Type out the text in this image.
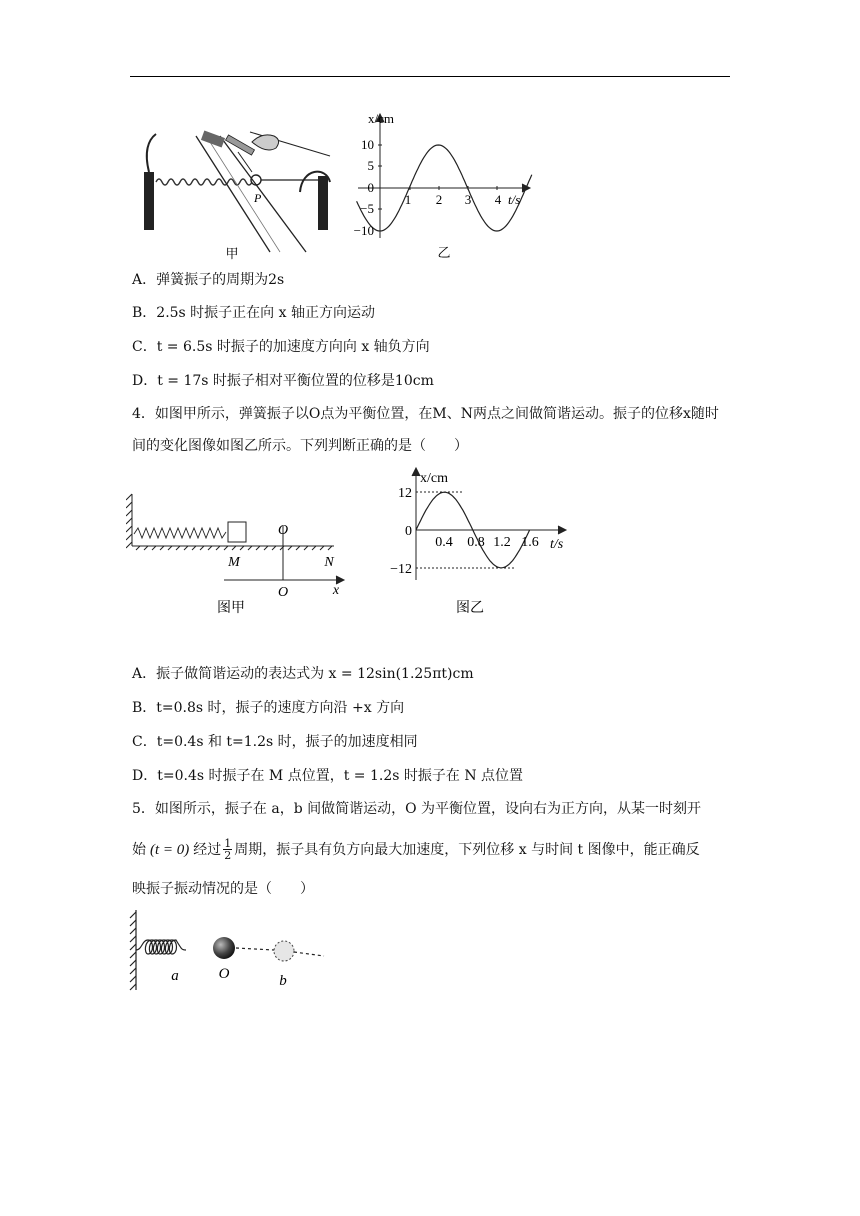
P
甲
x/cm
t/s
10
5
0
−5
−10
1 2 3 4
乙
A．弹簧振子的周期为2s
B．2.5s 时振子正在向 x 轴正方向运动
C．t = 6.5s 时振子的加速度方向向 x 轴负方向
D．t = 17s 时振子相对平衡位置的位移是10cm
4．如图甲所示，弹簧振子以O点为平衡位置，在M、N两点之间做简谐运动。振子的位移x随时间的变化图像如图乙所示。下列判断正确的是（　　）
O
M	N
O	x
图甲
x/cm
t/s
12
0
−12
0.4 0.8 1.2 1.6
图乙
A．振子做简谐运动的表达式为 x = 12sin(1.25πt)cm
B．t=0.8s 时，振子的速度方向沿 +x 方向
C．t=0.4s 和 t=1.2s 时，振子的加速度相同
D．t=0.4s 时振子在 M 点位置，t = 1.2s 时振子在 N 点位置
5．如图所示，振子在 a，b 间做简谐运动，O 为平衡位置，设向右为正方向，从某一时刻开
始 (t = 0) 经过 $\frac{1}{2}$ 周期，振子具有负方向最大加速度，下列位移 x 与时间 t 图像中，能正确反
映振子振动情况的是（　　）
a	O	b
